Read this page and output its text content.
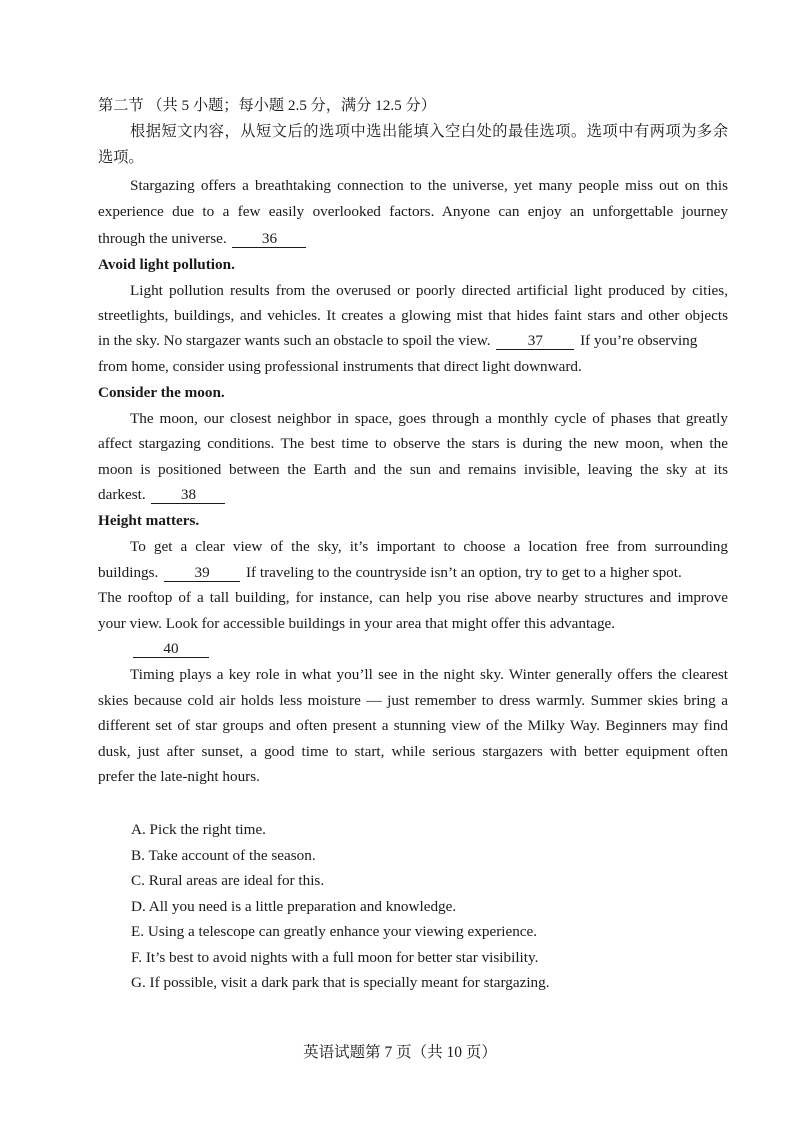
第二节 （共 5 小题；每小题 2.5 分，满分 12.5 分）
根据短文内容，从短文后的选项中选出能填入空白处的最佳选项。选项中有两项为多余
选项。
Stargazing offers a breathtaking connection to the universe, yet many people miss out on this
experience due to a few easily overlooked factors. Anyone can enjoy an unforgettable journey
through the universe. 36
Avoid light pollution.
Light pollution results from the overused or poorly directed artificial light produced by cities,
streetlights, buildings, and vehicles. It creates a glowing mist that hides faint stars and other objects
in the sky. No stargazer wants such an obstacle to spoil the view. 37 If you’re observing
from home, consider using professional instruments that direct light downward.
Consider the moon.
The moon, our closest neighbor in space, goes through a monthly cycle of phases that greatly
affect stargazing conditions. The best time to observe the stars is during the new moon, when the
moon is positioned between the Earth and the sun and remains invisible, leaving the sky at its
darkest. 38
Height matters.
To get a clear view of the sky, it’s important to choose a location free from surrounding
buildings. 39 If traveling to the countryside isn’t an option, try to get to a higher spot.
The rooftop of a tall building, for instance, can help you rise above nearby structures and improve
your view. Look for accessible buildings in your area that might offer this advantage.
40
Timing plays a key role in what you’ll see in the night sky. Winter generally offers the clearest
skies because cold air holds less moisture — just remember to dress warmly. Summer skies bring a
different set of star groups and often present a stunning view of the Milky Way. Beginners may find
dusk, just after sunset, a good time to start, while serious stargazers with better equipment often
prefer the late-night hours.
A. Pick the right time.
B. Take account of the season.
C. Rural areas are ideal for this.
D. All you need is a little preparation and knowledge.
E. Using a telescope can greatly enhance your viewing experience.
F. It’s best to avoid nights with a full moon for better star visibility.
G. If possible, visit a dark park that is specially meant for stargazing.
英语试题第 7 页（共 10 页）
